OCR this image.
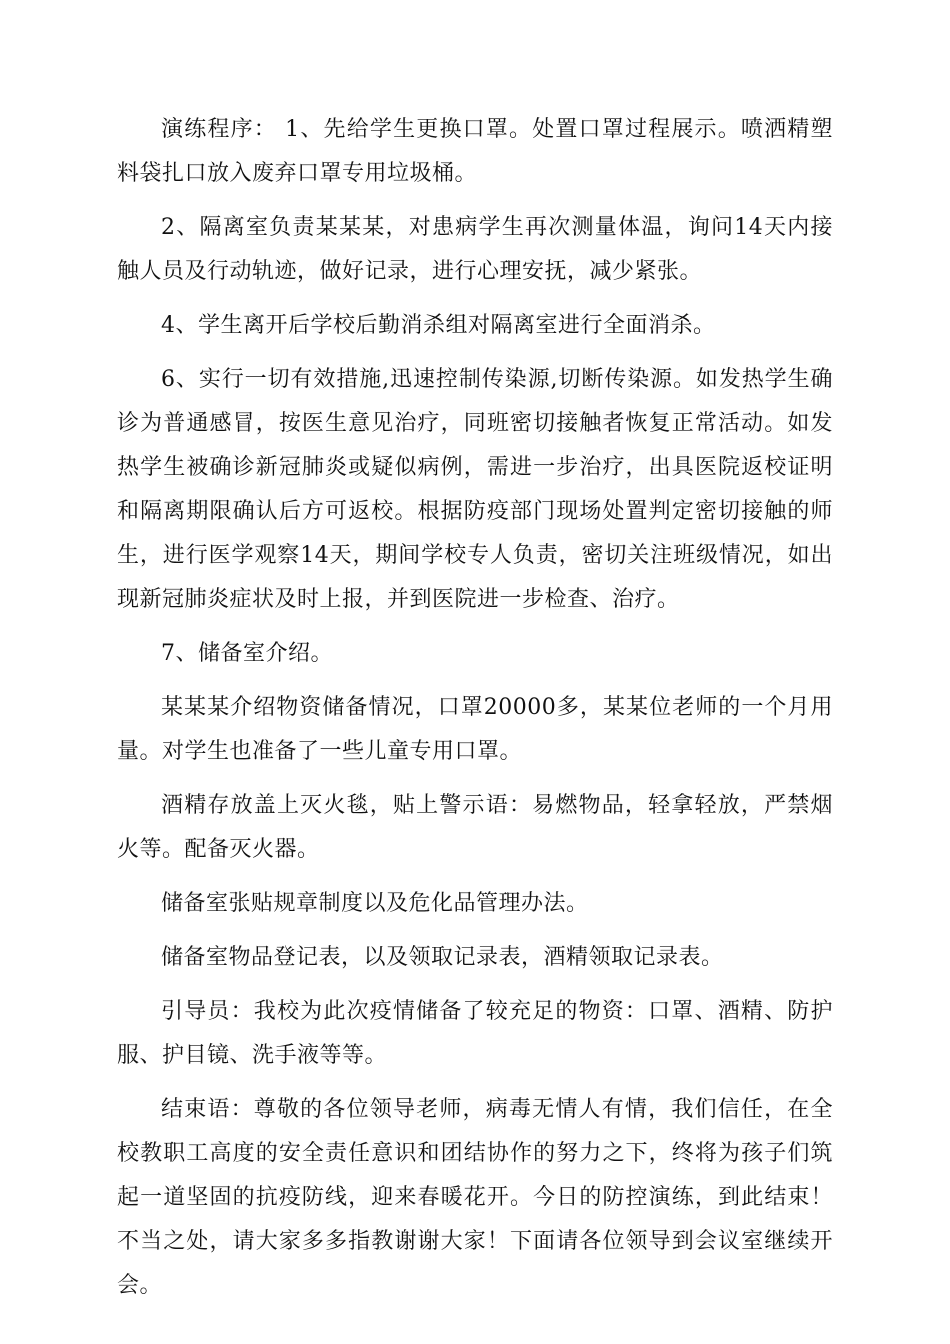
演练程序： 1、先给学生更换口罩。处置口罩过程展示。喷洒精塑料袋扎口放入废弃口罩专用垃圾桶。

2、隔离室负责某某某，对患病学生再次测量体温，询问14天内接触人员及行动轨迹，做好记录，进行心理安抚，减少紧张。

4、学生离开后学校后勤消杀组对隔离室进行全面消杀。

6、实行一切有效措施,迅速控制传染源,切断传染源。如发热学生确诊为普通感冒，按医生意见治疗，同班密切接触者恢复正常活动。如发热学生被确诊新冠肺炎或疑似病例，需进一步治疗，出具医院返校证明和隔离期限确认后方可返校。根据防疫部门现场处置判定密切接触的师生，进行医学观察14天，期间学校专人负责，密切关注班级情况，如出现新冠肺炎症状及时上报，并到医院进一步检查、治疗。

7、储备室介绍。

某某某介绍物资储备情况，口罩20000多，某某位老师的一个月用量。对学生也准备了一些儿童专用口罩。

酒精存放盖上灭火毯，贴上警示语：易燃物品，轻拿轻放，严禁烟火等。配备灭火器。

储备室张贴规章制度以及危化品管理办法。

储备室物品登记表，以及领取记录表，酒精领取记录表。

引导员：我校为此次疫情储备了较充足的物资：口罩、酒精、防护服、护目镜、洗手液等等。

结束语：尊敬的各位领导老师，病毒无情人有情，我们信任，在全校教职工高度的安全责任意识和团结协作的努力之下，终将为孩子们筑起一道坚固的抗疫防线，迎来春暖花开。今日的防控演练，到此结束！不当之处，请大家多多指教谢谢大家！下面请各位领导到会议室继续开会。
